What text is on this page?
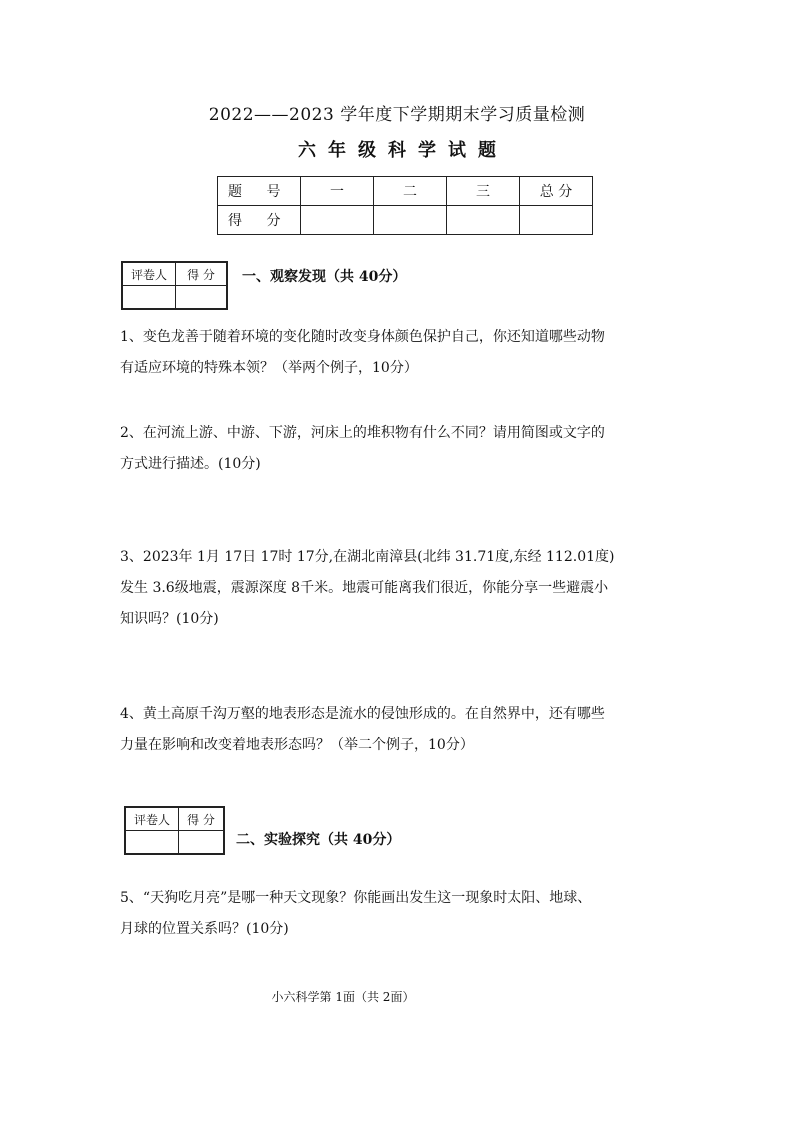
2022——2023 学年度下学期期末学习质量检测
六年级科学试题
题 号	一	二	三	总 分
得 分				
评卷人	得 分
	一、观察发现（共 40分）
1、变色龙善于随着环境的变化随时改变身体颜色保护自己，你还知道哪些动物
有适应环境的特殊本领？（举两个例子，10分）
2、在河流上游、中游、下游，河床上的堆积物有什么不同？请用简图或文字的
方式进行描述。(10分)
3、2023年 1月 17日 17时 17分,在湖北南漳县(北纬 31.71度,东经 112.01度)
发生 3.6级地震，震源深度 8千米。地震可能离我们很近，你能分享一些避震小
知识吗？(10分)
4、黄土高原千沟万壑的地表形态是流水的侵蚀形成的。在自然界中，还有哪些
力量在影响和改变着地表形态吗？（举二个例子，10分）
评卷人	得 分

二、实验探究（共 40分）
5、“天狗吃月亮”是哪一种天文现象？你能画出发生这一现象时太阳、地球、
月球的位置关系吗？(10分)
小六科学第 1面（共 2面）
